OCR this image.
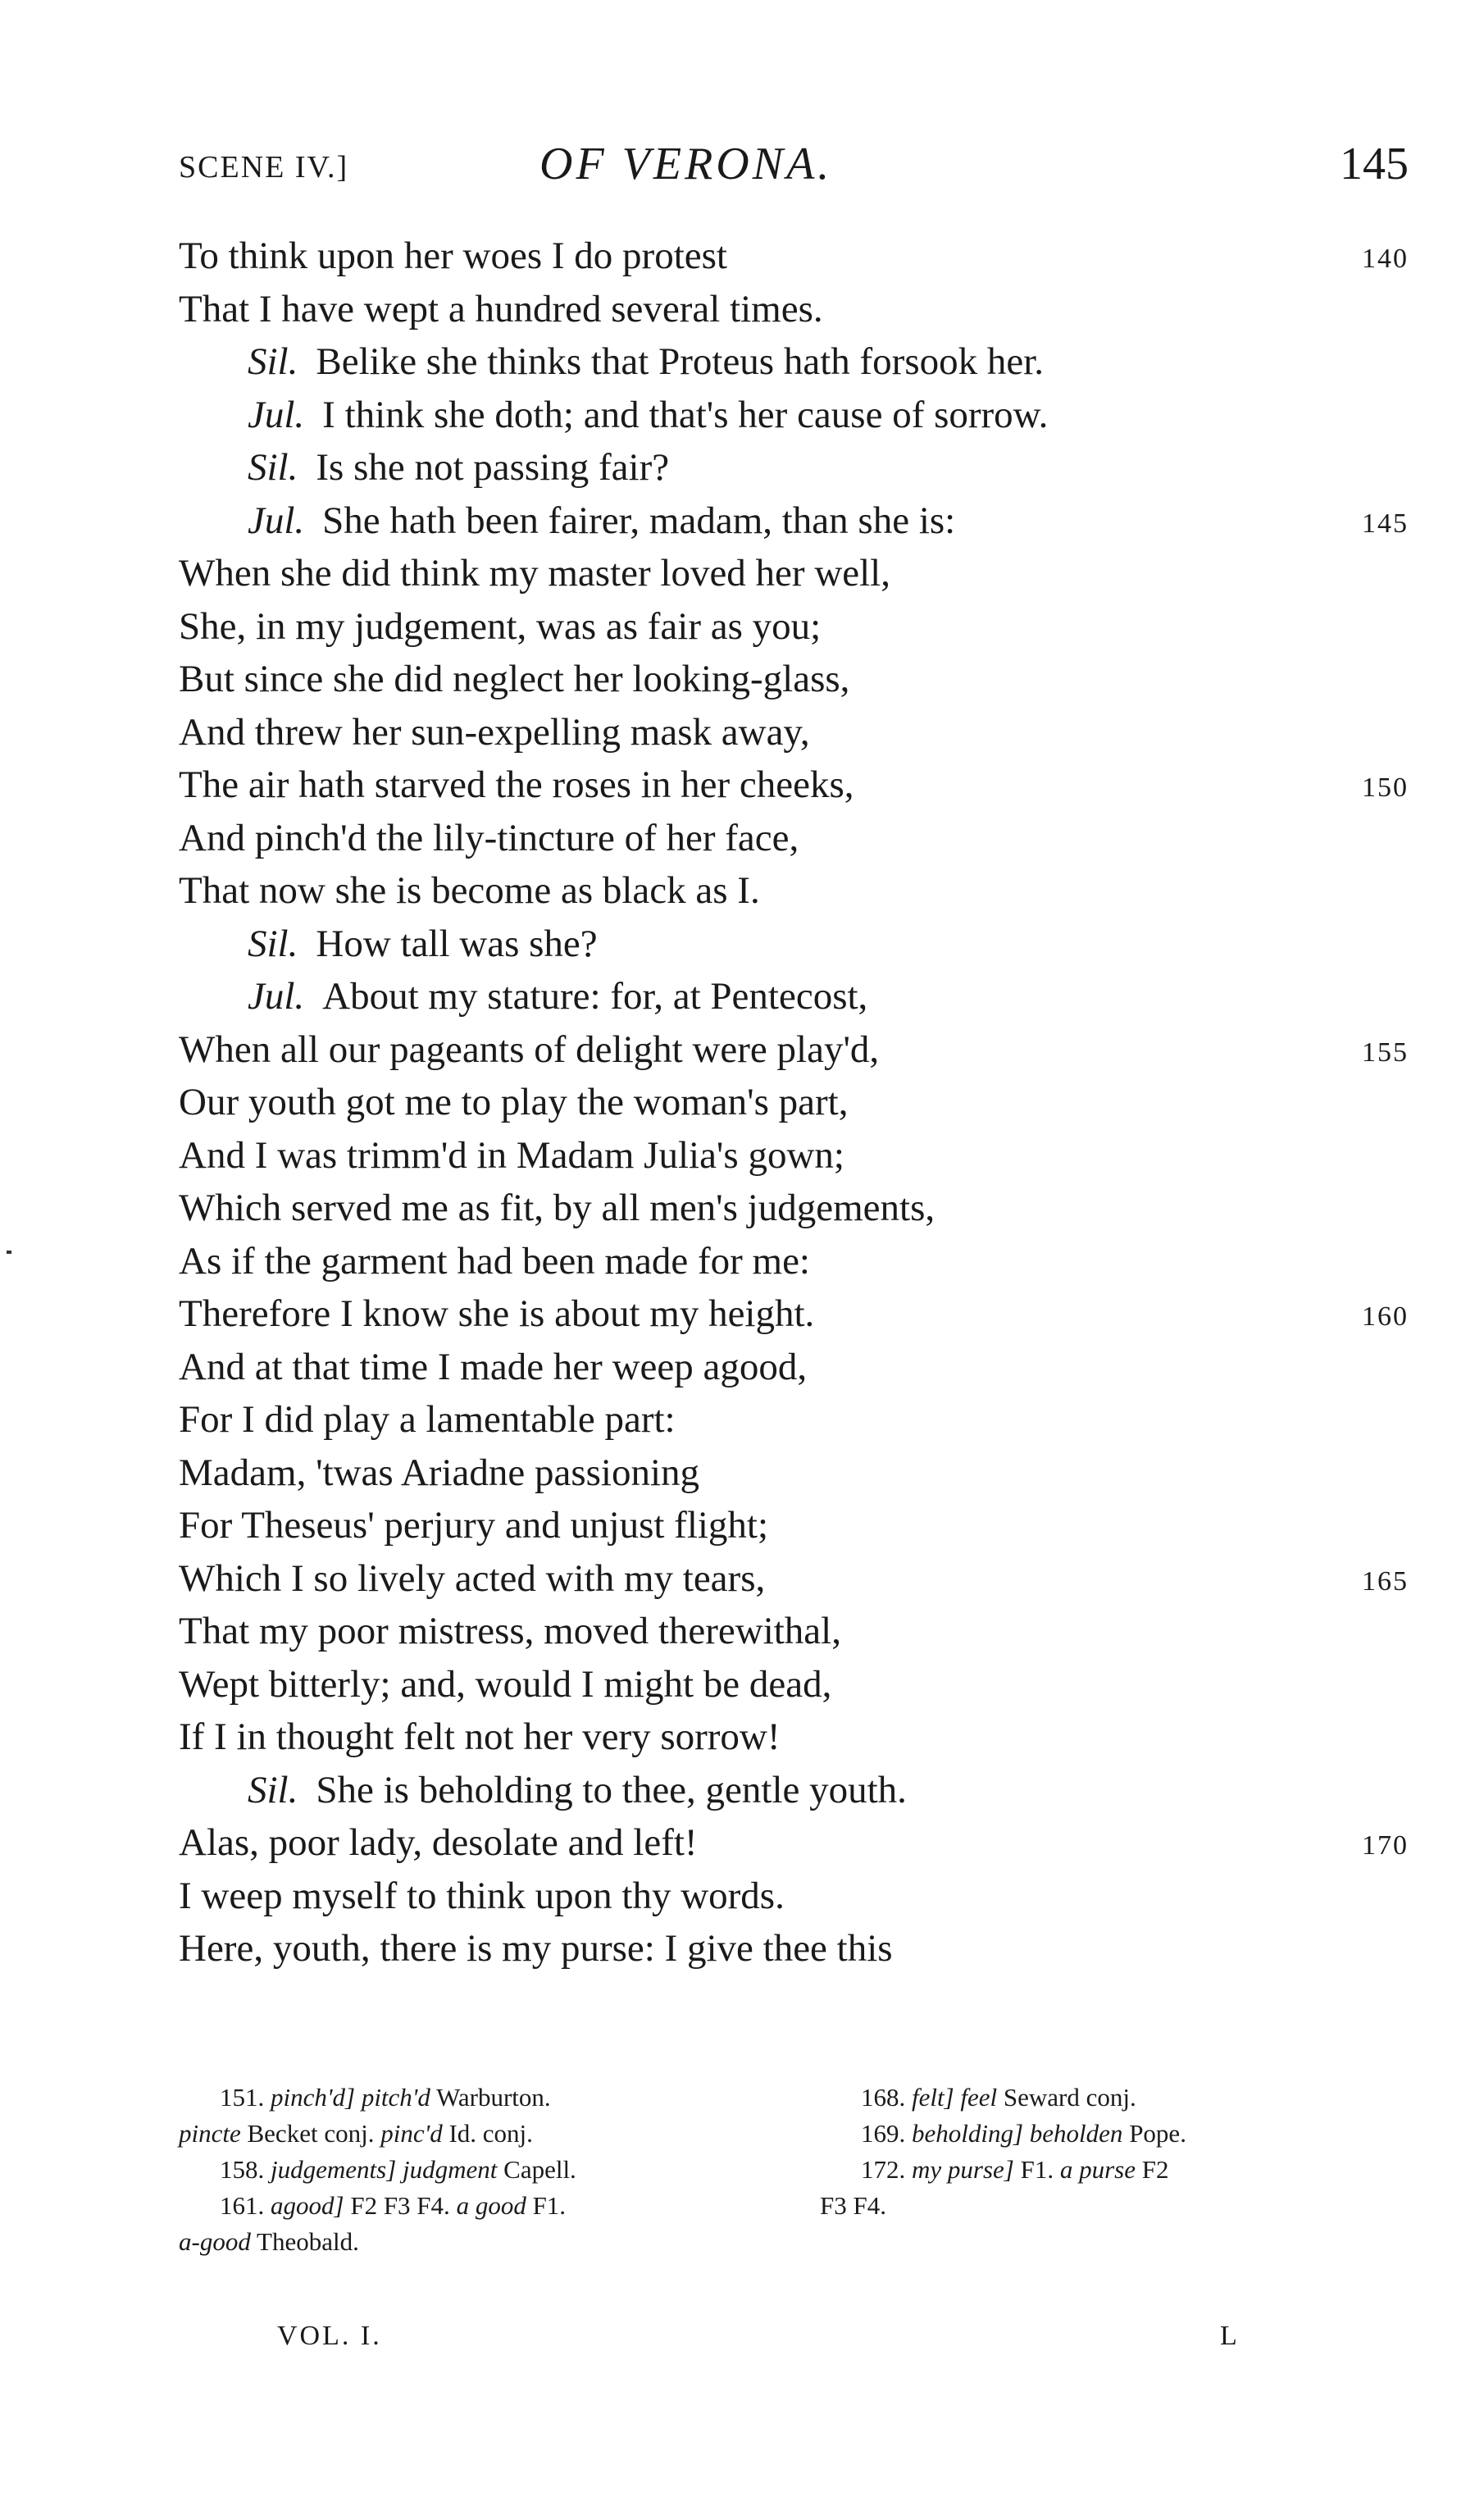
SCENE IV.]	OF VERONA.	145
To think upon her woes I do protest	140
That I have wept a hundred several times.
Sil. Belike she thinks that Proteus hath forsook her.
Jul. I think she doth; and that's her cause of sorrow.
Sil. Is she not passing fair?
Jul. She hath been fairer, madam, than she is:	145
When she did think my master loved her well,
She, in my judgement, was as fair as you;
But since she did neglect her looking-glass,
And threw her sun-expelling mask away,
The air hath starved the roses in her cheeks,	150
And pinch'd the lily-tincture of her face,
That now she is become as black as I.
Sil. How tall was she?
Jul. About my stature: for, at Pentecost,
When all our pageants of delight were play'd,	155
Our youth got me to play the woman's part,
And I was trimm'd in Madam Julia's gown;
Which served me as fit, by all men's judgements,
As if the garment had been made for me:
Therefore I know she is about my height.	160
And at that time I made her weep agood,
For I did play a lamentable part:
Madam, 'twas Ariadne passioning
For Theseus' perjury and unjust flight;
Which I so lively acted with my tears,	165
That my poor mistress, moved therewithal,
Wept bitterly; and, would I might be dead,
If I in thought felt not her very sorrow!
Sil. She is beholding to thee, gentle youth.
Alas, poor lady, desolate and left!	170
I weep myself to think upon thy words.
Here, youth, there is my purse: I give thee this
151. pinch'd] pitch'd Warburton.
pincte Becket conj. pinc'd Id. conj.
158. judgements] judgment Capell.
161. agood] F2 F3 F4. a good F1.
a-good Theobald.
168. felt] feel Seward conj.
169. beholding] beholden Pope.
172. my purse] F1. a purse F2
F3 F4.
VOL. I.	L
